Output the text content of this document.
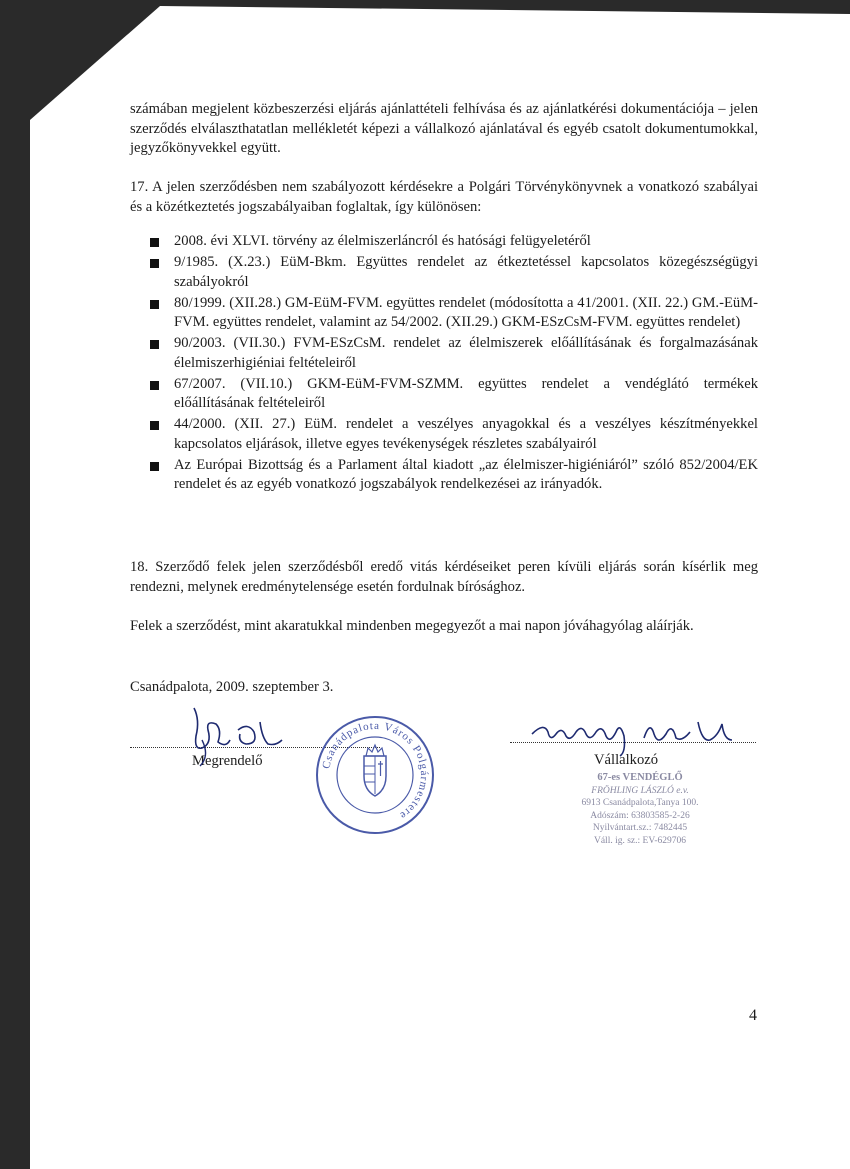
számában megjelent közbeszerzési eljárás ajánlattételi felhívása és az ajánlatkérési dokumentációja – jelen szerződés elválaszthatatlan mellékletét képezi a vállalkozó ajánlatával és egyéb csatolt dokumentumokkal, jegyzőkönyvekkel együtt.

17. A jelen szerződésben nem szabályozott kérdésekre a Polgári Törvénykönyvnek a vonatkozó szabályai és a közétkeztetés jogszabályaiban foglaltak, így különösen:

2008. évi XLVI. törvény az élelmiszerláncról és hatósági felügyeletéről
9/1985. (X.23.) EüM-Bkm. Együttes rendelet az étkeztetéssel kapcsolatos közegészségügyi szabályokról
80/1999. (XII.28.) GM-EüM-FVM. együttes rendelet (módosította a 41/2001. (XII. 22.) GM.-EüM-FVM. együttes rendelet, valamint az 54/2002. (XII.29.) GKM-ESzCsM-FVM. együttes rendelet)
90/2003. (VII.30.) FVM-ESzCsM. rendelet az élelmiszerek előállításának és forgalmazásának élelmiszerhigiéniai feltételeiről
67/2007. (VII.10.) GKM-EüM-FVM-SZMM. együttes rendelet a vendéglátó termékek előállításának feltételeiről
44/2000. (XII. 27.) EüM. rendelet a veszélyes anyagokkal és a veszélyes készítményekkel kapcsolatos eljárások, illetve egyes tevékenységek részletes szabályairól
Az Európai Bizottság és a Parlament által kiadott „az élelmiszer-higiéniáról” szóló 852/2004/EK rendelet és az egyéb vonatkozó jogszabályok rendelkezései az irányadók.

18. Szerződő felek jelen szerződésből eredő vitás kérdéseiket peren kívüli eljárás során kísérlik meg rendezni, melynek eredménytelensége esetén fordulnak bírósághoz.

Felek a szerződést, mint akaratukkal mindenben megegyezőt a mai napon jóváhagyólag aláírják.

Csanádpalota, 2009. szeptember 3.

Megrendelő	Vállalkozó
67-es VENDÉGLŐ
FRÖHLING LÁSZLÓ e.v.
6913 Csanádpalota,Tanya 100.
Adószám: 63803585-2-26
Nyilvántart.sz.: 7482445
Váll. ig. sz.: EV-629706
Csanádpalota Város Polgármestere

4
